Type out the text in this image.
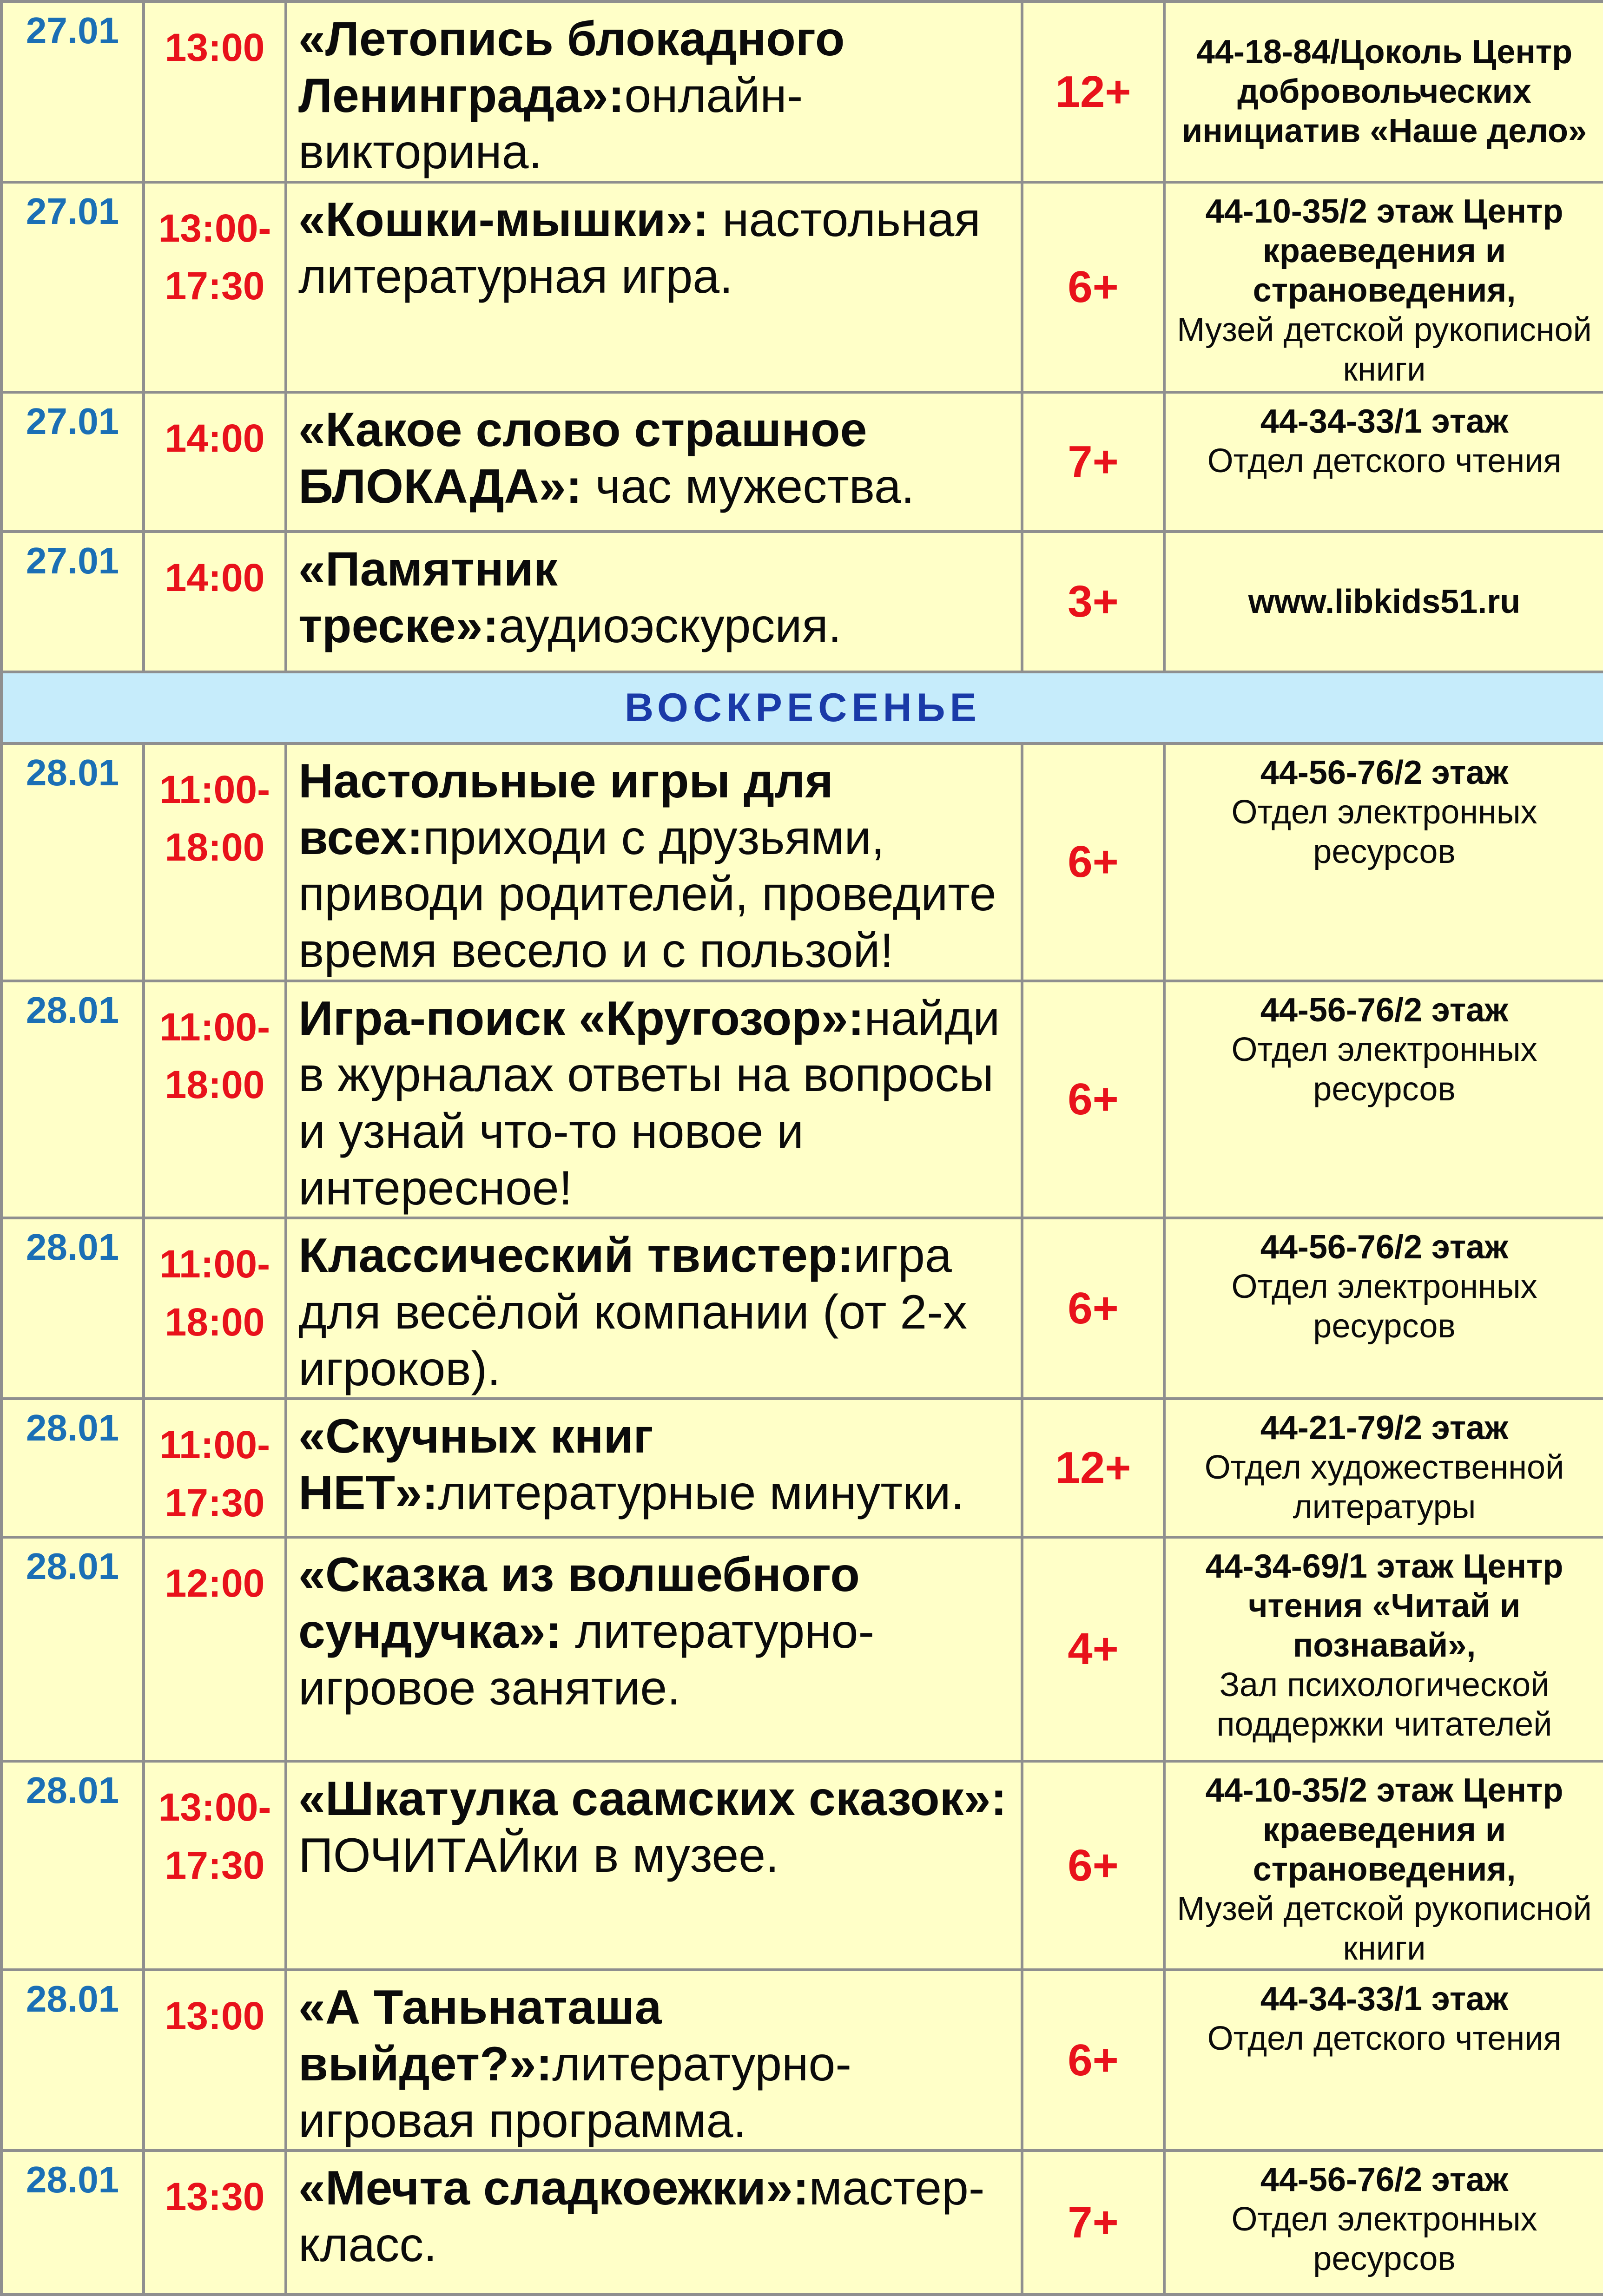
27.01	13:00	«Летопись блокадного Ленинграда»:онлайн-викторина.	12+	44-18-84/Цоколь Центр добровольческих инициатив «Наше дело»

27.01	13:00-17:30	«Кошки-мышки»: настольная литературная игра.	6+	44-10-35/2 этаж Центр краеведения и страноведения,
Музей детской рукописной книги

27.01	14:00	«Какое слово страшное БЛОКАДА»: час мужества.	7+	44-34-33/1 этаж
Отдел детского чтения

27.01	14:00	«Памятник треске»:аудиоэскурсия.	3+	www.libkids51.ru

ВОСКРЕСЕНЬЕ				
28.01	11:00-18:00	Настольные игры для всех:приходи с друзьями, приводи родителей, проведите время весело и с пользой!	6+	44-56-76/2 этаж
Отдел электронных ресурсов

28.01	11:00-18:00	Игра-поиск «Кругозор»:найди в журналах ответы на вопросы и узнай что-то новое и интересное!	6+	44-56-76/2 этаж
Отдел электронных ресурсов

28.01	11:00-18:00	Классический твистер:игра для весёлой компании (от 2-х игроков).	6+	44-56-76/2 этаж
Отдел электронных ресурсов

28.01	11:00-17:30	«Скучных книг НЕТ»:литературные минутки.	12+	44-21-79/2 этаж
Отдел художественной литературы

28.01	12:00	«Сказка из волшебного сундучка»: литературно-игровое занятие.	4+	44-34-69/1 этаж Центр чтения «Читай и познавай»,
Зал психологической поддержки читателей

28.01	13:00-17:30	«Шкатулка саамских сказок»: ПОЧИТАЙки в музее.	6+	44-10-35/2 этаж Центр краеведения и страноведения,
Музей детской рукописной книги

28.01	13:00	«А Таньнаташа выйдет?»:литературно-игровая программа.	6+	44-34-33/1 этаж
Отдел детского чтения

28.01	13:30	«Мечта сладкоежки»:мастер-класс.	7+	44-56-76/2 этаж
Отдел электронных ресурсов
